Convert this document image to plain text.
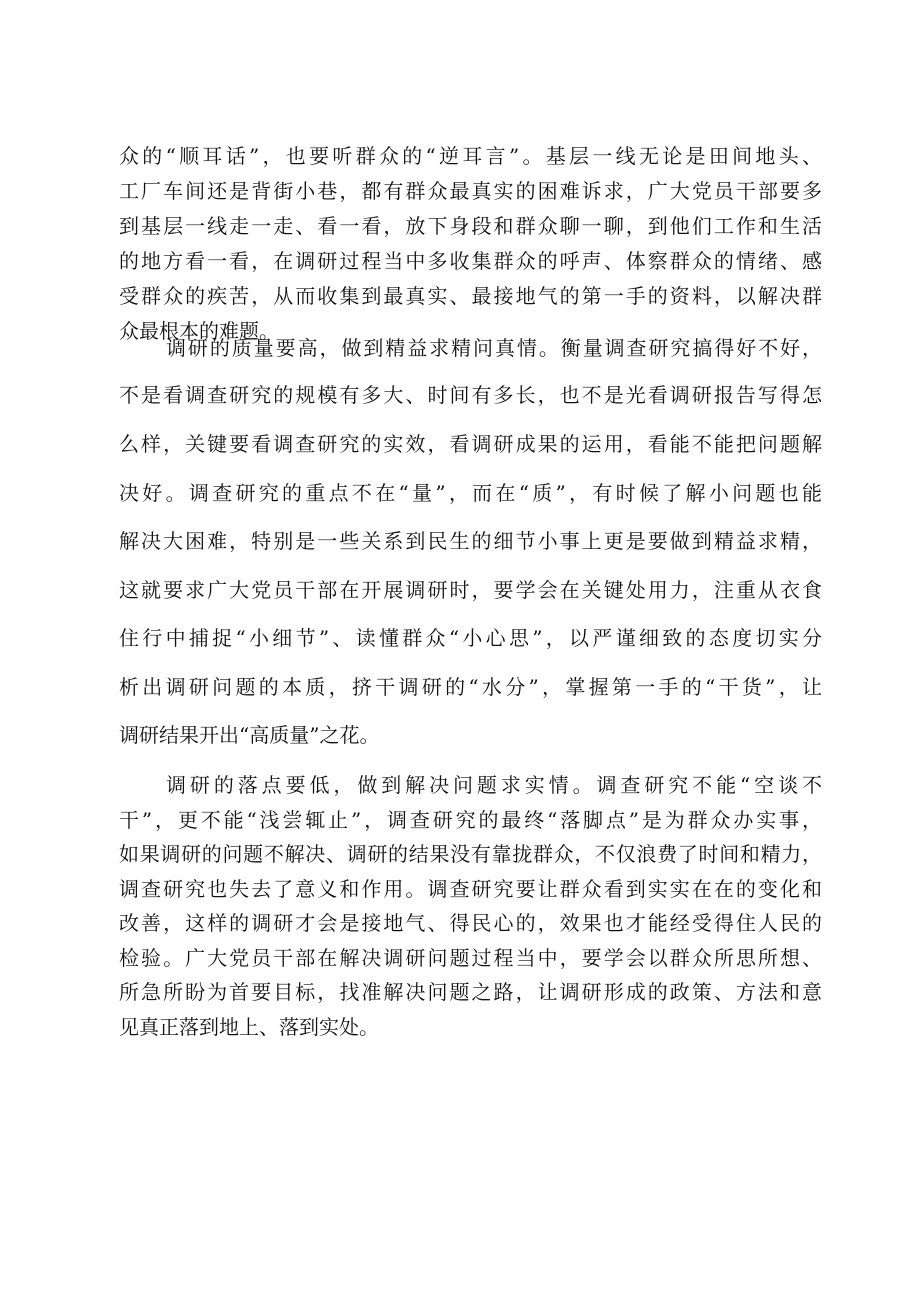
众的“顺耳话”，也要听群众的“逆耳言”。基层一线无论是田间地头、

工厂车间还是背街小巷，都有群众最真实的困难诉求，广大党员干部要多

到基层一线走一走、看一看，放下身段和群众聊一聊，到他们工作和生活

的地方看一看，在调研过程当中多收集群众的呼声、体察群众的情绪、感

受群众的疾苦，从而收集到最真实、最接地气的第一手的资料，以解决群

众最根本的难题。

调研的质量要高，做到精益求精问真情。衡量调查研究搞得好不好，

不是看调查研究的规模有多大、时间有多长，也不是光看调研报告写得怎

么样，关键要看调查研究的实效，看调研成果的运用，看能不能把问题解

决好。调查研究的重点不在“量”，而在“质”，有时候了解小问题也能

解决大困难，特别是一些关系到民生的细节小事上更是要做到精益求精，

这就要求广大党员干部在开展调研时，要学会在关键处用力，注重从衣食

住行中捕捉“小细节”、读懂群众“小心思”，以严谨细致的态度切实分

析出调研问题的本质，挤干调研的“水分”，掌握第一手的“干货”，让

调研结果开出“高质量”之花。

调研的落点要低，做到解决问题求实情。调查研究不能“空谈不

干”，更不能“浅尝辄止”，调查研究的最终“落脚点”是为群众办实事，

如果调研的问题不解决、调研的结果没有靠拢群众，不仅浪费了时间和精力，

调查研究也失去了意义和作用。调查研究要让群众看到实实在在的变化和

改善，这样的调研才会是接地气、得民心的，效果也才能经受得住人民的

检验。广大党员干部在解决调研问题过程当中，要学会以群众所思所想、

所急所盼为首要目标，找准解决问题之路，让调研形成的政策、方法和意

见真正落到地上、落到实处。
